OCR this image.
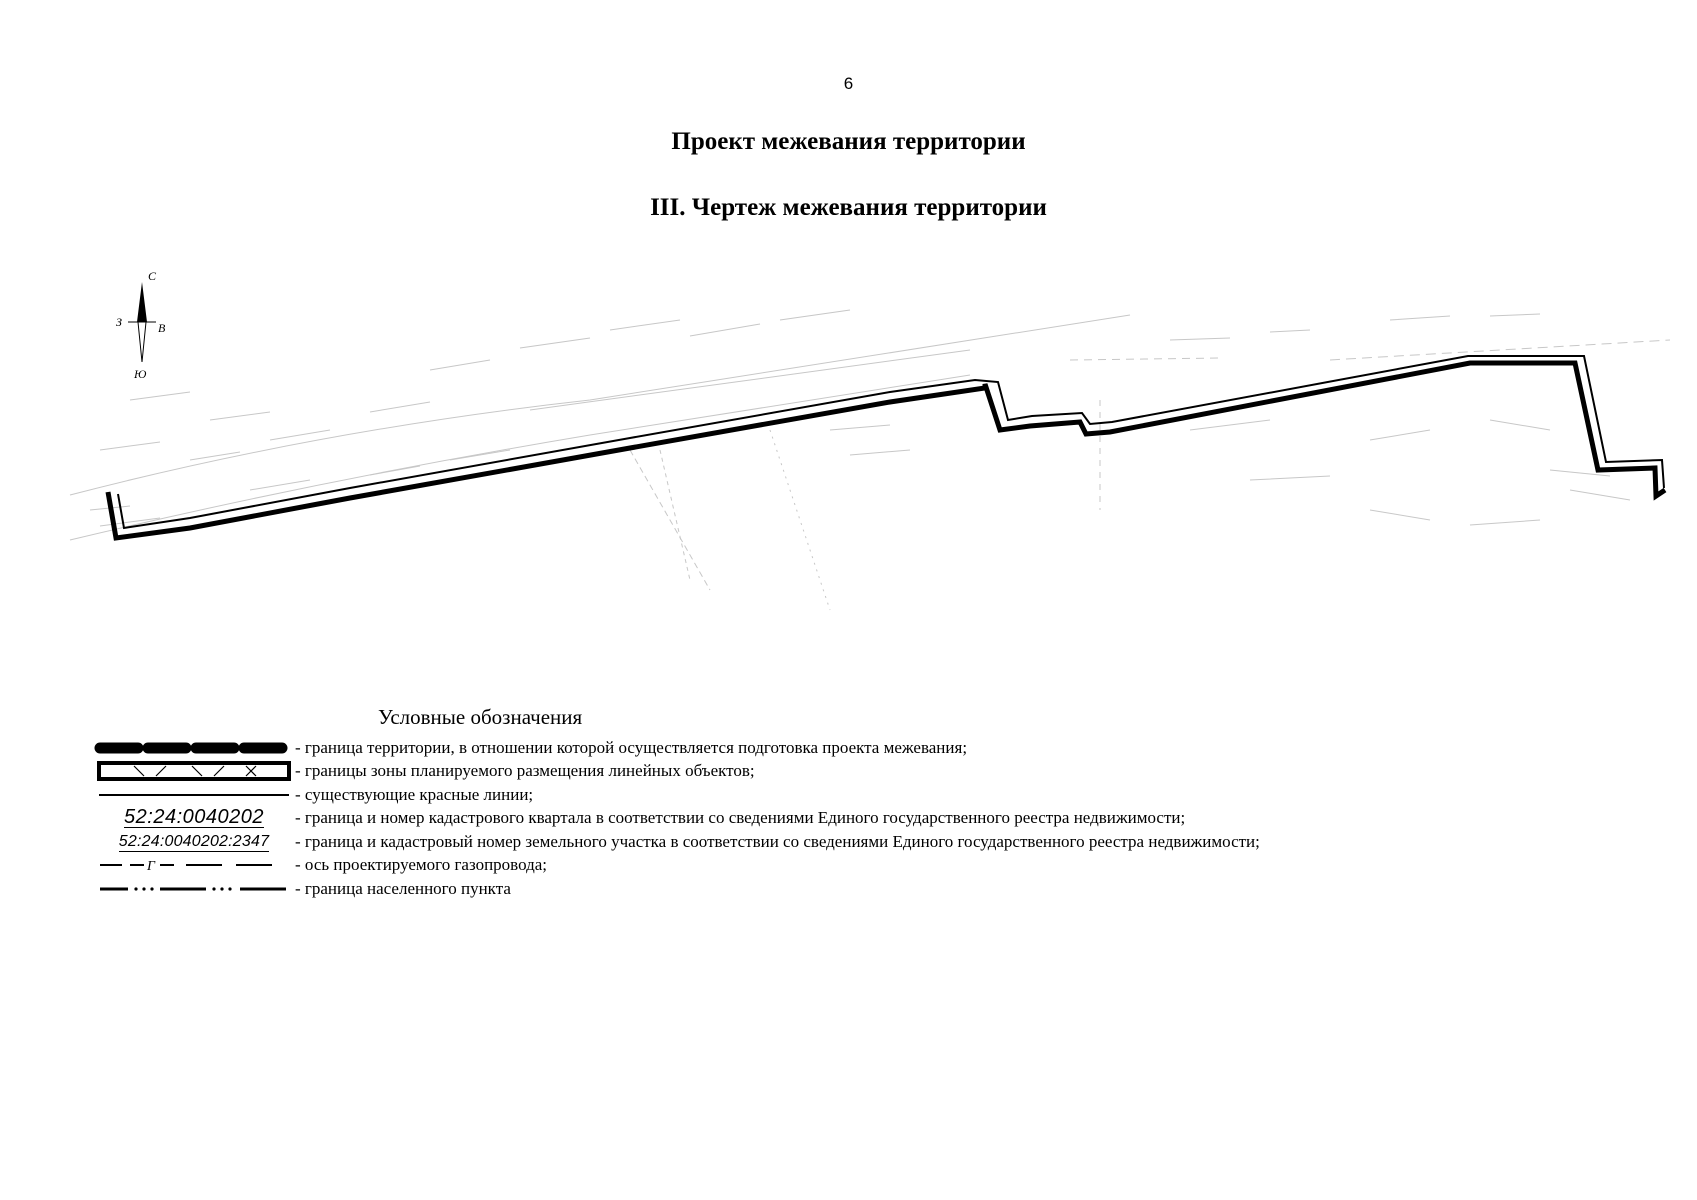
6
Проект межевания территории
III. Чертеж межевания территории
С
Ю
З	В
Условные обозначения
- граница территории, в отношении которой осуществляется подготовка проекта межевания;
- границы зоны планируемого размещения линейных объектов;
- существующие красные линии;
52:24:0040202 - граница и номер кадастрового квартала в соответствии со сведениями Единого государственного реестра недвижимости;
52:24:0040202:2347 - граница и кадастровый номер земельного участка в соответствии со сведениями Единого государственного реестра недвижимости;
Г	- ось проектируемого газопровода;
- граница населенного пункта
